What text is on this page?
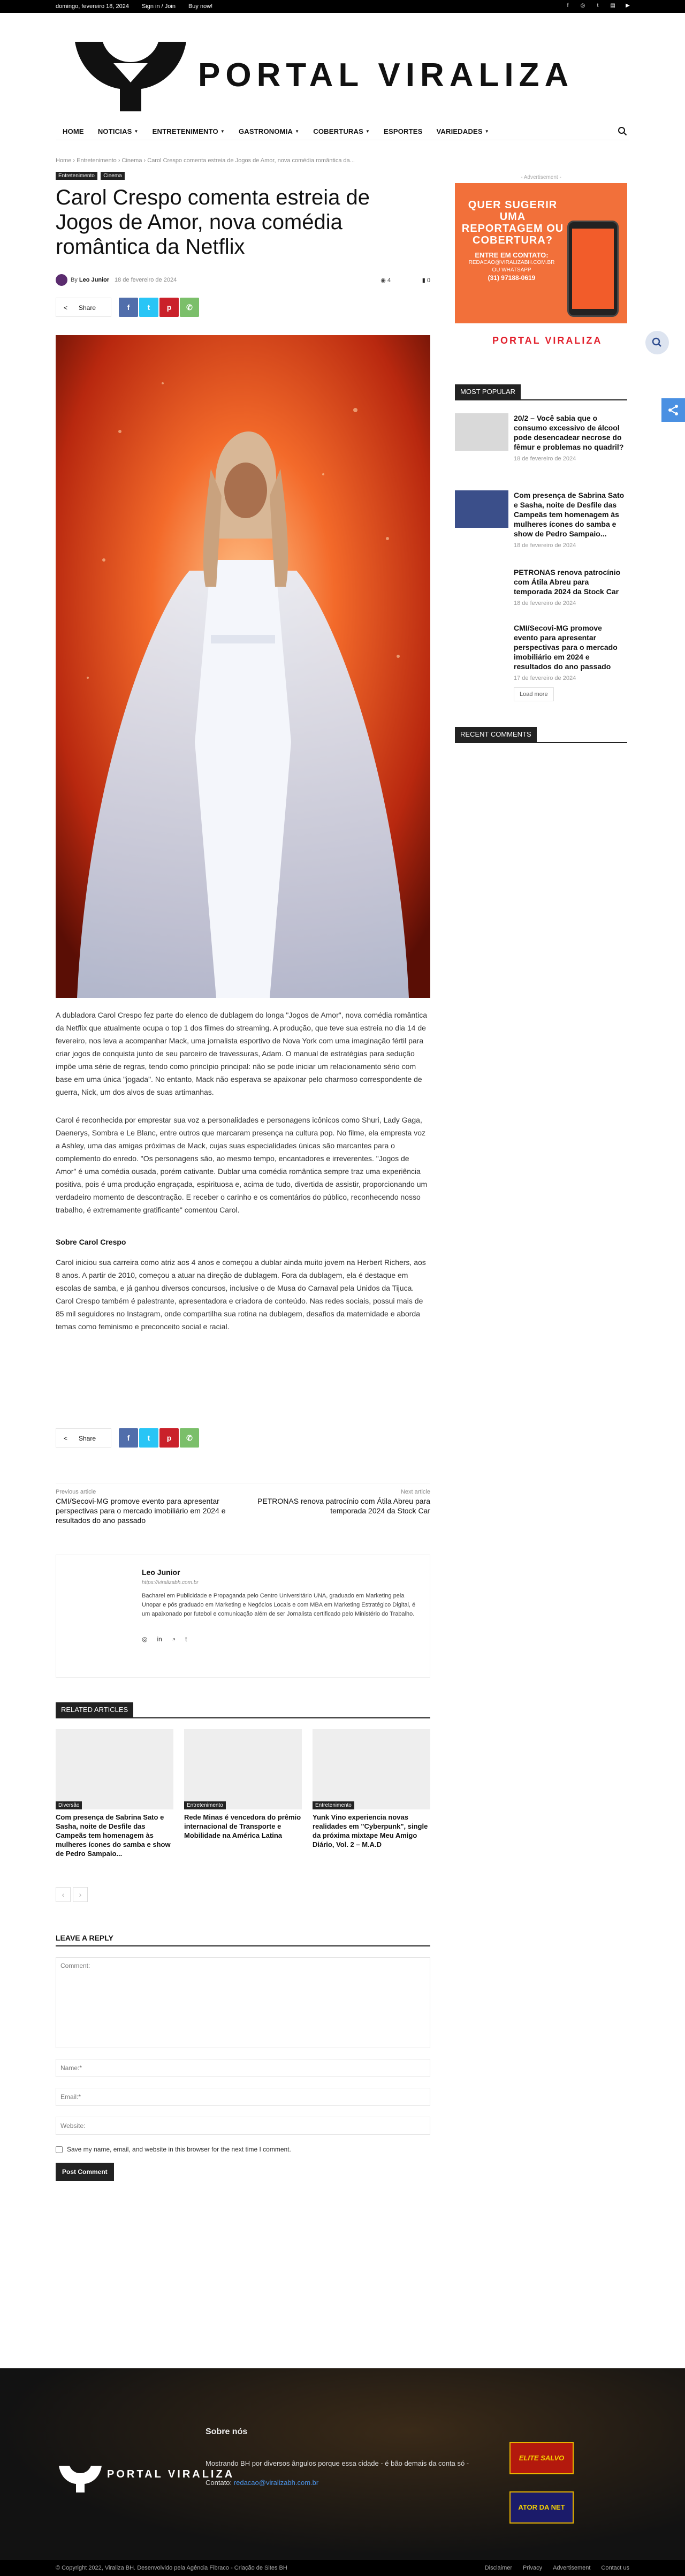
domingo, fevereiro 18, 2024 Sign in / Join Buy now!	f	◎	t	▤	▶
PORTAL VIRALIZA
HOME NOTICIAS ▼ ENTRETENIMENTO ▼ GASTRONOMIA ▼ COBERTURAS ▼ ESPORTES VARIEDADES ▼
Home › Entretenimento › Cinema › Carol Crespo comenta estreia de Jogos de Amor, nova comédia romântica da...
Entretenimento Cinema
Carol Crespo comenta estreia de Jogos de Amor, nova comédia romântica da Netflix
By Leo Junior 18 de fevereiro de 2024	◉ 4	▮ 0
< Share	f	t	p	✆

A dubladora Carol Crespo fez parte do elenco de dublagem do longa "Jogos de Amor", nova comédia romântica da Netflix que atualmente ocupa o top 1 dos filmes do streaming. A produção, que teve sua estreia no dia 14 de fevereiro, nos leva a acompanhar Mack, uma jornalista esportivo de Nova York com uma imaginação fértil para criar jogos de conquista junto de seu parceiro de travessuras, Adam. O manual de estratégias para sedução impõe uma série de regras, tendo como princípio principal: não se pode iniciar um relacionamento sério com base em uma única "jogada". No entanto, Mack não esperava se apaixonar pelo charmoso correspondente de guerra, Nick, um dos alvos de suas artimanhas.

Carol é reconhecida por emprestar sua voz a personalidades e personagens icônicos como Shuri, Lady Gaga, Daenerys, Sombra e Le Blanc, entre outros que marcaram presença na cultura pop. No filme, ela empresta voz a Ashley, uma das amigas próximas de Mack, cujas suas especialidades únicas são marcantes para o complemento do enredo. "Os personagens são, ao mesmo tempo, encantadores e irreverentes. "Jogos de Amor" é uma comédia ousada, porém cativante. Dublar uma comédia romântica sempre traz uma experiência positiva, pois é uma produção engraçada, espirituosa e, acima de tudo, divertida de assistir, proporcionando um verdadeiro momento de descontração. E receber o carinho e os comentários do público, reconhecendo nosso trabalho, é extremamente gratificante" comentou Carol.

Sobre Carol Crespo

Carol iniciou sua carreira como atriz aos 4 anos e começou a dublar ainda muito jovem na Herbert Richers, aos 8 anos. A partir de 2010, começou a atuar na direção de dublagem. Fora da dublagem, ela é destaque em escolas de samba, e já ganhou diversos concursos, inclusive o de Musa do Carnaval pela Unidos da Tijuca. Carol Crespo também é palestrante, apresentadora e criadora de conteúdo. Nas redes sociais, possui mais de 85 mil seguidores no Instagram, onde compartilha sua rotina na dublagem, desafios da maternidade e aborda temas como feminismo e preconceito social e racial.

< Share	f	t	p	✆
Previous article
CMI/Secovi-MG promove evento para apresentar perspectivas para o mercado imobiliário em 2024 e resultados do ano passado
Next article
PETRONAS renova patrocínio com Átila Abreu para temporada 2024 da Stock Car
Leo Junior
https://viralizabh.com.br

Bacharel em Publicidade e Propaganda pelo Centro Universitário UNA, graduado em Marketing pela Unopar e pós graduado em Marketing e Negócios Locais e com MBA em Marketing Estratégico Digital, é um apaixonado por futebol e comunicação além de ser Jornalista certificado pelo Ministério do Trabalho.

◎ in ◔ t
RELATED ARTICLES
Diversão
Com presença de Sabrina Sato e Sasha, noite de Desfile das Campeãs tem homenagem às mulheres ícones do samba e show de Pedro Sampaio...
Entretenimento
Rede Minas é vencedora do prêmio internacional de Transporte e Mobilidade na América Latina
Entretenimento
Yunk Vino experiencia novas realidades em "Cyberpunk", single da próxima mixtape Meu Amigo Diário, Vol. 2 – M.A.D
‹	›
LEAVE A REPLY
Comment:
Name:*
Email:*
Website:
Save my name, email, and website in this browser for the next time I comment.
Post Comment
- Advertisement -
QUER SUGERIR UMA
REPORTAGEM OU
COBERTURA?
ENTRE EM CONTATO:
REDACAO@VIRALIZABH.COM.BR
OU WHATSAPP
(31) 97188-0619
PORTAL VIRALIZA
MOST POPULAR
20/2 – Você sabia que o consumo excessivo de álcool pode desencadear necrose do fêmur e problemas no quadril?
18 de fevereiro de 2024
Com presença de Sabrina Sato e Sasha, noite de Desfile das Campeãs tem homenagem às mulheres ícones do samba e show de Pedro Sampaio...
18 de fevereiro de 2024
PETRONAS renova patrocínio com Átila Abreu para temporada 2024 da Stock Car
18 de fevereiro de 2024
CMI/Secovi-MG promove evento para apresentar perspectivas para o mercado imobiliário em 2024 e resultados do ano passado
17 de fevereiro de 2024
Load more
RECENT COMMENTS
PORTAL VIRALIZA
Sobre nós

Mostrando BH por diversos ângulos porque essa cidade - é bão demais da conta só -

Contato: redacao@viralizabh.com.br

ELITE SALVO
ATOR DA NET
© Copyright 2022, Viraliza BH. Desenvolvido pela Agência Fibraco - Criação de Sites BH	Disclaimer Privacy Advertisement Contact us
